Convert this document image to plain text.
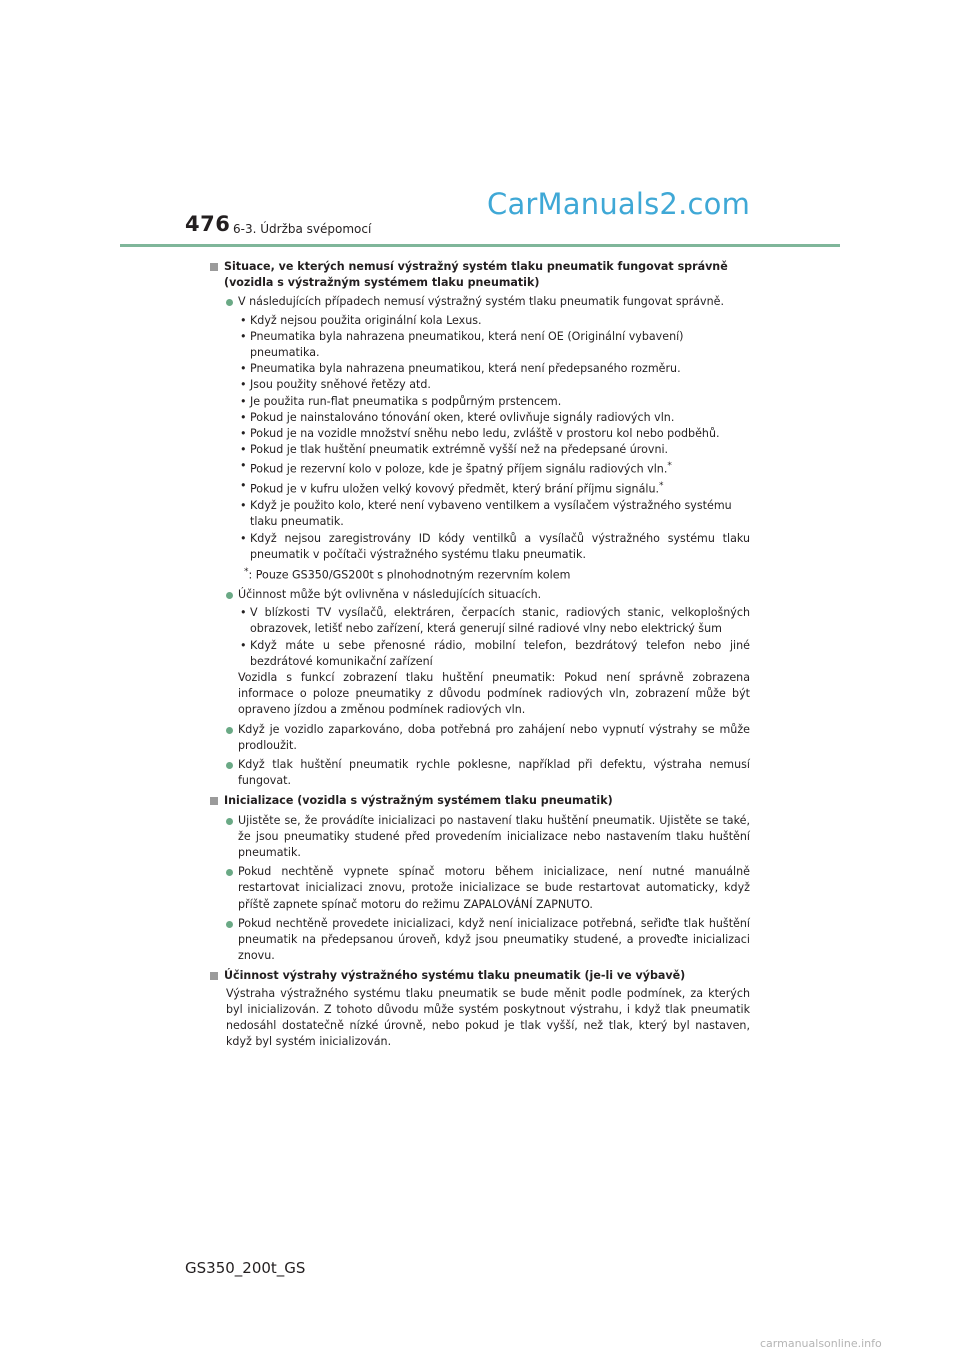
476 6-3. Údržba svépomocí
CarManuals2.com
Situace, ve kterých nemusí výstražný systém tlaku pneumatik fungovat správně (vozidla s výstražným systémem tlaku pneumatik)
V následujících případech nemusí výstražný systém tlaku pneumatik fungovat správně.
• Když nejsou použita originální kola Lexus.
• Pneumatika byla nahrazena pneumatikou, která není OE (Originální vybavení) pneumatika.
• Pneumatika byla nahrazena pneumatikou, která není předepsaného rozměru.
• Jsou použity sněhové řetězy atd.
• Je použita run-flat pneumatika s podpůrným prstencem.
• Pokud je nainstalováno tónování oken, které ovlivňuje signály radiových vln.
• Pokud je na vozidle množství sněhu nebo ledu, zvláště v prostoru kol nebo podběhů.
• Pokud je tlak huštění pneumatik extrémně vyšší než na předepsané úrovni.
• Pokud je rezervní kolo v poloze, kde je špatný příjem signálu radiových vln.*
• Pokud je v kufru uložen velký kovový předmět, který brání příjmu signálu.*
• Když je použito kolo, které není vybaveno ventilkem a vysílačem výstražného systému tlaku pneumatik.
• Když nejsou zaregistrovány ID kódy ventilků a vysílačů výstražného systému tlaku pneumatik v počítači výstražného systému tlaku pneumatik.
*: Pouze GS350/GS200t s plnohodnotným rezervním kolem
Účinnost může být ovlivněna v následujících situacích.
• V blízkosti TV vysílačů, elektráren, čerpacích stanic, radiových stanic, velkoplošných obrazovek, letišť nebo zařízení, která generují silné radiové vlny nebo elektrický šum
• Když máte u sebe přenosné rádio, mobilní telefon, bezdrátový telefon nebo jiné bezdrátové komunikační zařízení
Vozidla s funkcí zobrazení tlaku huštění pneumatik: Pokud není správně zobrazena informace o poloze pneumatiky z důvodu podmínek radiových vln, zobrazení může být opraveno jízdou a změnou podmínek radiových vln.
Když je vozidlo zaparkováno, doba potřebná pro zahájení nebo vypnutí výstrahy se může prodloužit.
Když tlak huštění pneumatik rychle poklesne, například při defektu, výstraha nemusí fungovat.
Inicializace (vozidla s výstražným systémem tlaku pneumatik)
Ujistěte se, že provádíte inicializaci po nastavení tlaku huštění pneumatik. Ujistěte se také, že jsou pneumatiky studené před provedením inicializace nebo nastavením tlaku huštění pneumatik.
Pokud nechtěně vypnete spínač motoru během inicializace, není nutné manuálně restartovat inicializaci znovu, protože inicializace se bude restartovat automaticky, když příště zapnete spínač motoru do režimu ZAPALOVÁNÍ ZAPNUTO.
Pokud nechtěně provedete inicializaci, když není inicializace potřebná, seřiďte tlak huštění pneumatik na předepsanou úroveň, když jsou pneumatiky studené, a proveďte inicializaci znovu.
Účinnost výstrahy výstražného systému tlaku pneumatik (je-li ve výbavě)
Výstraha výstražného systému tlaku pneumatik se bude měnit podle podmínek, za kterých byl inicializován. Z tohoto důvodu může systém poskytnout výstrahu, i když tlak pneumatik nedosáhl dostatečně nízké úrovně, nebo pokud je tlak vyšší, než tlak, který byl nastaven, když byl systém inicializován.
GS350_200t_GS
carmanualsonline.info
